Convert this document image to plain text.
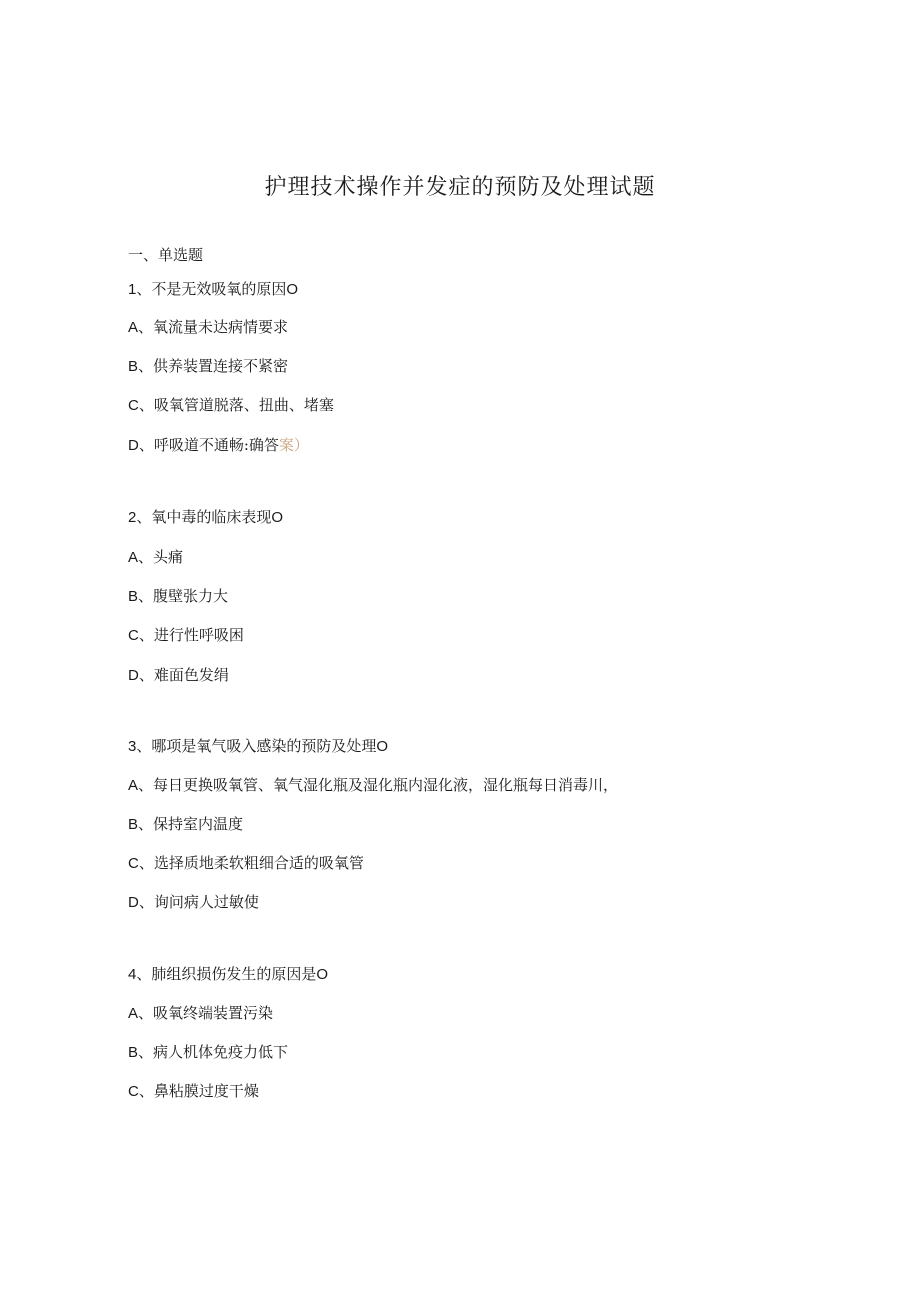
护理技术操作并发症的预防及处理试题
一、单选题
1、不是无效吸氧的原因O
A、氧流量未达病情要求
B、供养装置连接不紧密
C、吸氧管道脱落、扭曲、堵塞
D、呼吸道不通畅:确答案）
2、氧中毒的临床表现O
A、头痛
B、腹壁张力大
C、进行性呼吸困
D、难面色发绢
3、哪项是氧气吸入感染的预防及处理O
A、每日更换吸氧管、氧气湿化瓶及湿化瓶内湿化液，湿化瓶每日消毒川，
B、保持室内温度
C、选择质地柔软粗细合适的吸氧管
D、询问病人过敏使
4、肺组织损伤发生的原因是O
A、吸氧终端装置污染
B、病人机体免疫力低下
C、鼻粘膜过度干燥
